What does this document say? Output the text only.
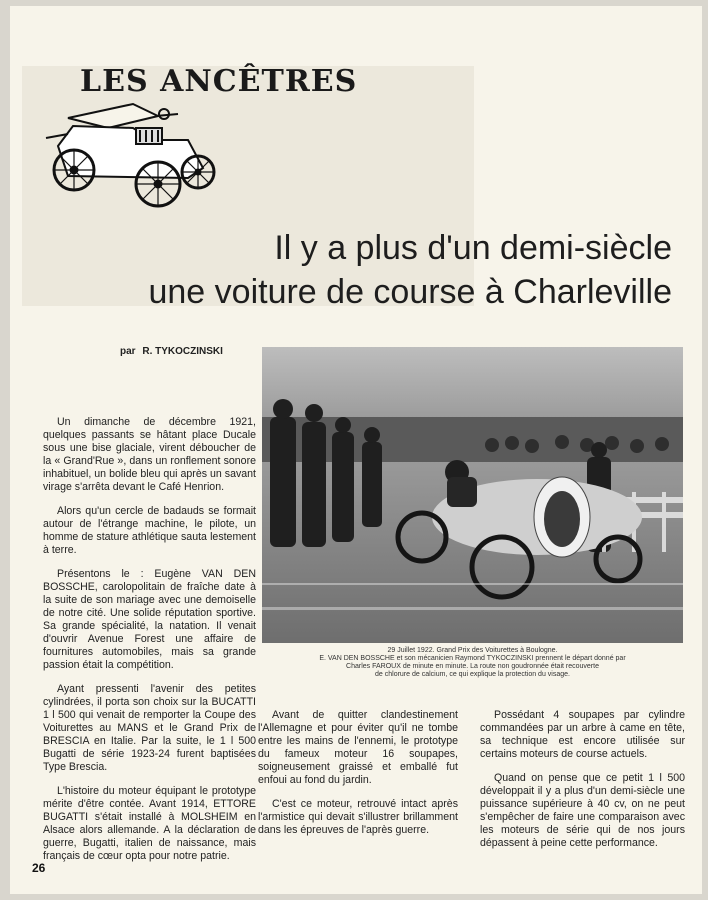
LES ANCÊTRES
Il y a plus d'un demi-siècle
une voiture de course à Charleville
par R. TYKOCZINSKI
29 Juillet 1922. Grand Prix des Voiturettes à Boulogne.
E. VAN DEN BOSSCHE et son mécanicien Raymond TYKOCZINSKI prennent le départ donné par
Charles FAROUX de minute en minute. La route non goudronnée était recouverte
de chlorure de calcium, ce qui explique la protection du visage.

Un dimanche de décembre 1921, quelques passants se hâtant place Ducale sous une bise glaciale, virent déboucher de la « Grand'Rue », dans un ronflement sonore inhabituel, un bolide bleu qui après un savant virage s'arrêta devant le Café Henrion.

Alors qu'un cercle de badauds se formait autour de l'étrange machine, le pilote, un homme de stature athlétique sauta lestement à terre.

Présentons le : Eugène VAN DEN BOSSCHE, carolopolitain de fraîche date à la suite de son mariage avec une demoiselle de notre cité. Une solide réputation sportive. Sa grande spécialité, la natation. Il venait d'ouvrir Avenue Forest une affaire de fournitures automobiles, mais sa grande passion était la compétition.

Ayant pressenti l'avenir des petites cylindrées, il porta son choix sur la BUCATTI 1 l 500 qui venait de remporter la Coupe des Voiturettes au MANS et le Grand Prix de BRESCIA en Italie. Par la suite, le 1 l 500 Bugatti de série 1923-24 furent baptisées Type Brescia.

L'histoire du moteur équipant le prototype mérite d'être contée. Avant 1914, ETTORE BUGATTI s'était installé à MOLSHEIM en Alsace alors allemande. A la déclaration de guerre, Bugatti, italien de naissance, mais français de cœur opta pour notre patrie.

Avant de quitter clandestinement l'Allemagne et pour éviter qu'il ne tombe entre les mains de l'ennemi, le prototype du fameux moteur 16 soupapes, soigneusement graissé et emballé fut enfoui au fond du jardin.

C'est ce moteur, retrouvé intact après l'armistice qui devait s'illustrer brillamment dans les épreuves de l'après guerre.

Possédant 4 soupapes par cylindre commandées par un arbre à came en tête, sa technique est encore utilisée sur certains moteurs de course actuels.

Quand on pense que ce petit 1 l 500 développait il y a plus d'un demi-siècle une puissance supérieure à 40 cv, on ne peut s'empêcher de faire une comparaison avec les moteurs de série qui de nos jours dépassent à peine cette performance.

26
